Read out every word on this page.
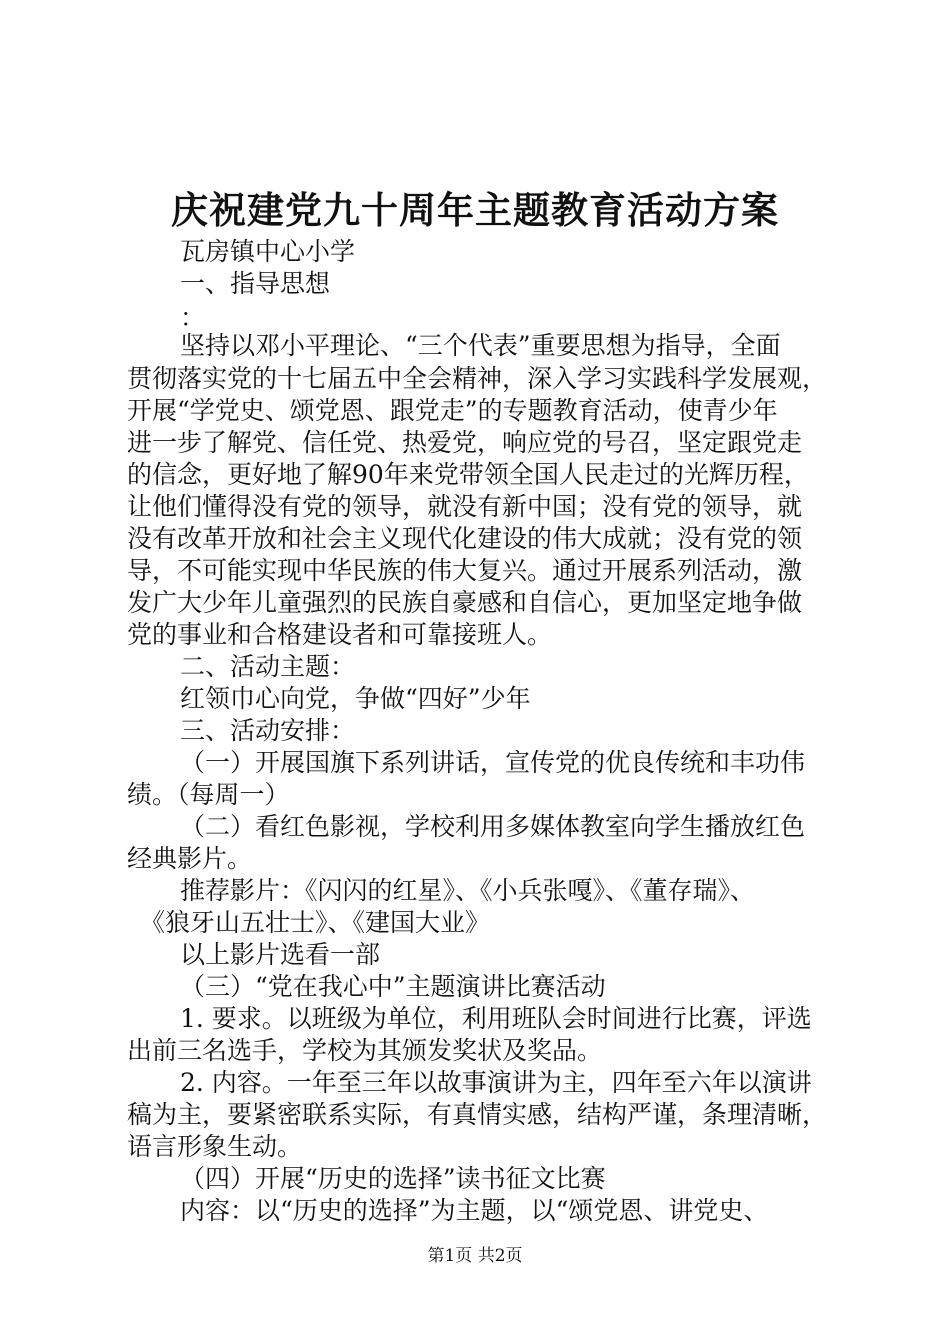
庆祝建党九十周年主题教育活动方案
瓦房镇中心小学
一、指导思想
：
坚持以邓小平理论、“三个代表”重要思想为指导，全面
贯彻落实党的十七届五中全会精神，深入学习实践科学发展观，
开展“学党史、颂党恩、跟党走”的专题教育活动，使青少年
进一步了解党、信任党、热爱党，响应党的号召，坚定跟党走
的信念，更好地了解90年来党带领全国人民走过的光辉历程，
让他们懂得没有党的领导，就没有新中国；没有党的领导，就
没有改革开放和社会主义现代化建设的伟大成就；没有党的领
导，不可能实现中华民族的伟大复兴。通过开展系列活动，激
发广大少年儿童强烈的民族自豪感和自信心，更加坚定地争做
党的事业和合格建设者和可靠接班人。
二、活动主题：
红领巾心向党，争做“四好”少年
三、活动安排：
（一）开展国旗下系列讲话，宣传党的优良传统和丰功伟
绩。（每周一）
（二）看红色影视，学校利用多媒体教室向学生播放红色
经典影片。
推荐影片：《闪闪的红星》、《小兵张嘎》、《董存瑞》、
《狼牙山五壮士》、《建国大业》
以上影片选看一部
（三）“党在我心中”主题演讲比赛活动
1. 要求。以班级为单位，利用班队会时间进行比赛，评选
出前三名选手，学校为其颁发奖状及奖品。
2. 内容。一年至三年以故事演讲为主，四年至六年以演讲
稿为主，要紧密联系实际，有真情实感，结构严谨，条理清晰，
语言形象生动。
（四）开展“历史的选择”读书征文比赛
内容：以“历史的选择”为主题，以“颂党恩、讲党史、
第1页 共2页
